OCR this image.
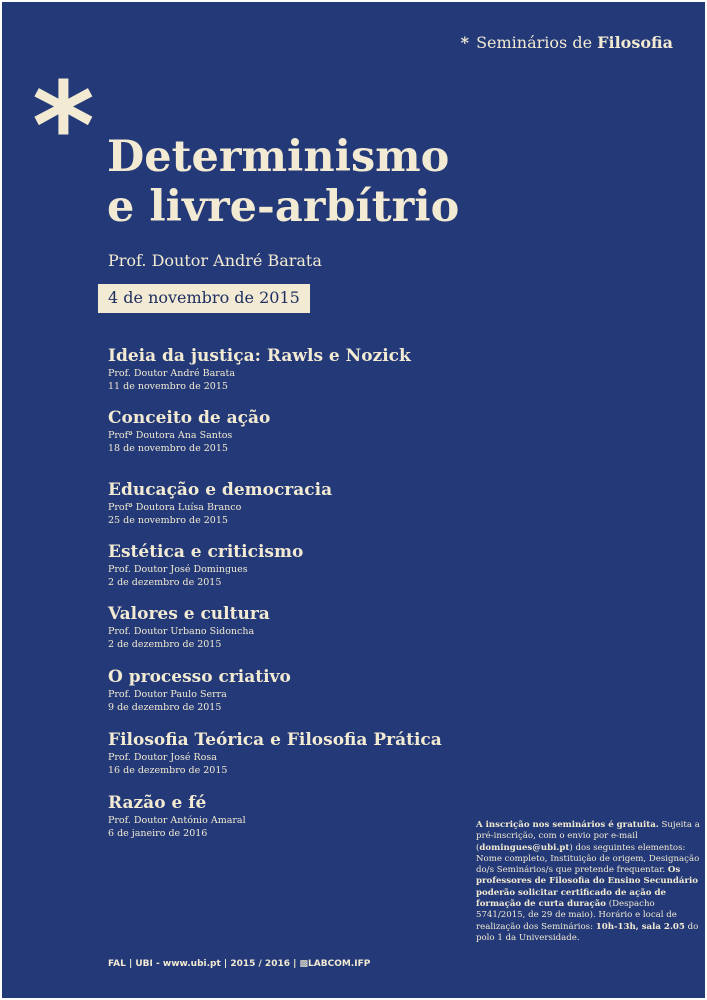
* Seminários de Filosofia
* Determinismo
e livre-arbítrio
Prof. Doutor André Barata
4 de novembro de 2015
Ideia da justiça: Rawls e Nozick
Prof. Doutor André Barata
11 de novembro de 2015
Conceito de ação
Profª Doutora Ana Santos
18 de novembro de 2015
Educação e democracia
Profª Doutora Luísa Branco
25 de novembro de 2015
Estética e criticismo
Prof. Doutor José Domingues
2 de dezembro de 2015
Valores e cultura
Prof. Doutor Urbano Sidoncha
2 de dezembro de 2015
O processo criativo
Prof. Doutor Paulo Serra
9 de dezembro de 2015
Filosofia Teórica e Filosofia Prática
Prof. Doutor José Rosa
16 de dezembro de 2015
Razão e fé
Prof. Doutor António Amaral
6 de janeiro de 2016
A inscrição nos seminários é gratuita. Sujeita a pré-inscrição, com o envio por e-mail (domingues@ubi.pt) dos seguintes elementos: Nome completo, Instituição de origem, Designação do/s Seminários/s que pretende frequentar. Os professores de Filosofia do Ensino Secundário poderão solicitar certificado de ação de formação de curta duração (Despacho 5741/2015, de 29 de maio). Horário e local de realização dos Seminários: 10h-13h, sala 2.05 do polo 1 da Universidade.
FAL | UBI - www.ubi.pt | 2015 / 2016 | ▩LABCOM.IFP
